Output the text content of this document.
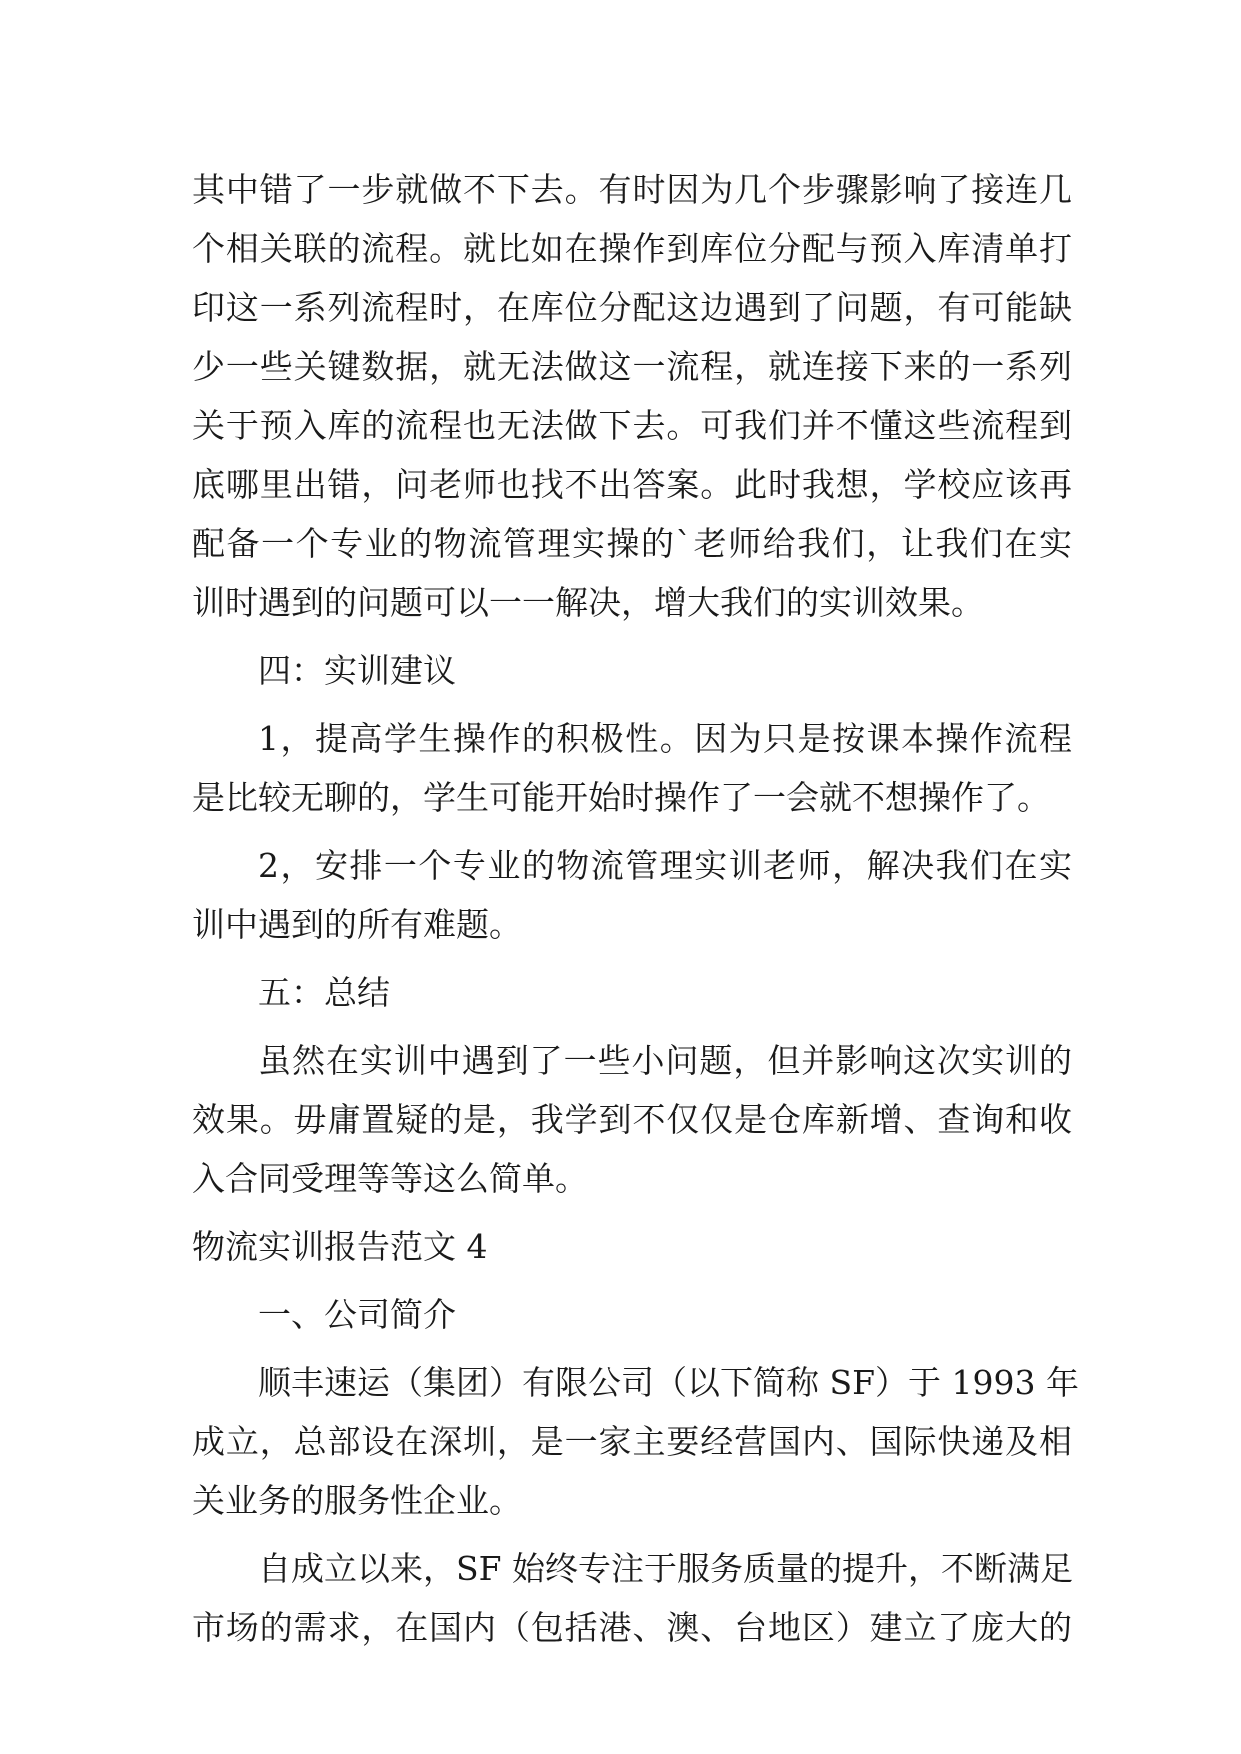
其中错了一步就做不下去。有时因为几个步骤影响了接连几
个相关联的流程。就比如在操作到库位分配与预入库清单打
印这一系列流程时，在库位分配这边遇到了问题，有可能缺
少一些关键数据，就无法做这一流程，就连接下来的一系列
关于预入库的流程也无法做下去。可我们并不懂这些流程到
底哪里出错，问老师也找不出答案。此时我想，学校应该再
配备一个专业的物流管理实操的`老师给我们，让我们在实
训时遇到的问题可以一一解决，增大我们的实训效果。
四：实训建议
1，提高学生操作的积极性。因为只是按课本操作流程
是比较无聊的，学生可能开始时操作了一会就不想操作了。
2，安排一个专业的物流管理实训老师，解决我们在实
训中遇到的所有难题。
五：总结
虽然在实训中遇到了一些小问题，但并影响这次实训的
效果。毋庸置疑的是，我学到不仅仅是仓库新增、查询和收
入合同受理等等这么简单。
物流实训报告范文 4
一、公司简介
顺丰速运（集团）有限公司（以下简称 SF）于 1993 年
成立，总部设在深圳，是一家主要经营国内、国际快递及相
关业务的服务性企业。
自成立以来，SF 始终专注于服务质量的提升，不断满足
市场的需求，在国内（包括港、澳、台地区）建立了庞大的
